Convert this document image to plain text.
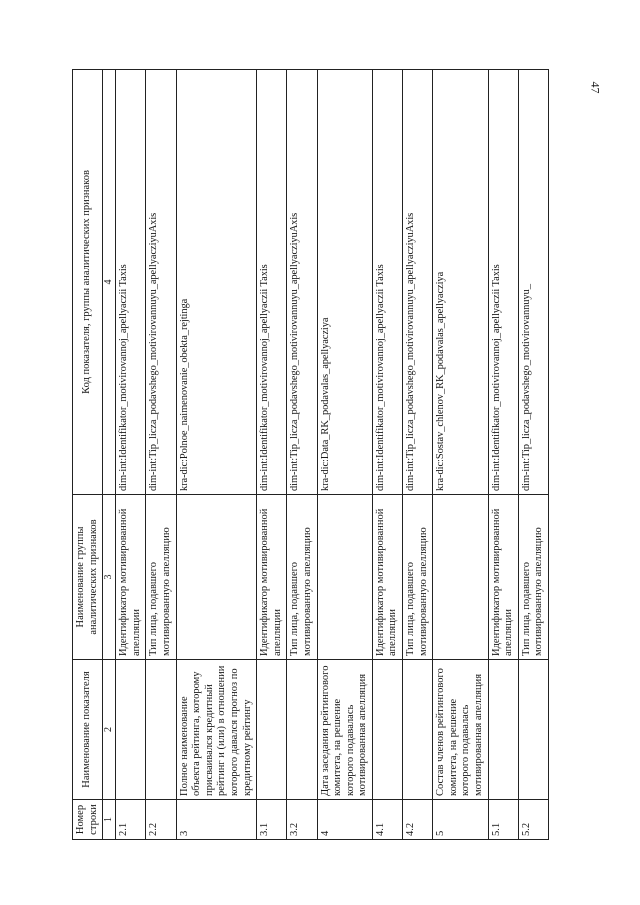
47
Номер строки	Наименование показателя	Наименование группы аналитических признаков	Код показателя, группы аналитических признаков
1	2	3	4
2.1		Идентификатор мотивированной апелляции	dim-int:Identifikator_motivirovannoj_apellyaczii Taxis
2.2		Тип лица, подавшего мотивированную апелляцию	dim-int:Tip_licza_podavshego_motivirovannuyu_apellyacziyuAxis
3	Полное наименование объекта рейтинга, которому присваивался кредитный рейтинг и (или) в отношении которого давался прогноз по кредитному рейтингу		kra-dic:Polnoe_naimenovanie_obekta_rejtinga
3.1		Идентификатор мотивированной апелляции	dim-int:Identifikator_motivirovannoj_apellyaczii Taxis
3.2		Тип лица, подавшего мотивированную апелляцию	dim-int:Tip_licza_podavshego_motivirovannuyu_apellyacziyuAxis
4	Дата заседания рейтингового комитета, на решение которого подавалась мотивированная апелляция		kra-dic:Data_RK_podavalas_apellyacziya
4.1		Идентификатор мотивированной апелляции	dim-int:Identifikator_motivirovannoj_apellyaczii Taxis
4.2		Тип лица, подавшего мотивированную апелляцию	dim-int:Tip_licza_podavshego_motivirovannuyu_apellyacziyuAxis
5	Состав членов рейтингового комитета, на решение которого подавалась мотивированная апелляция		kra-dic:Sostav_chlenov_RK_podavalas_apellyacziya
5.1		Идентификатор мотивированной апелляции	dim-int:Identifikator_motivirovannoj_apellyaczii Taxis
5.2		Тип лица, подавшего мотивированную апелляцию	dim-int:Tip_licza_podavshego_motivirovannuyu_
